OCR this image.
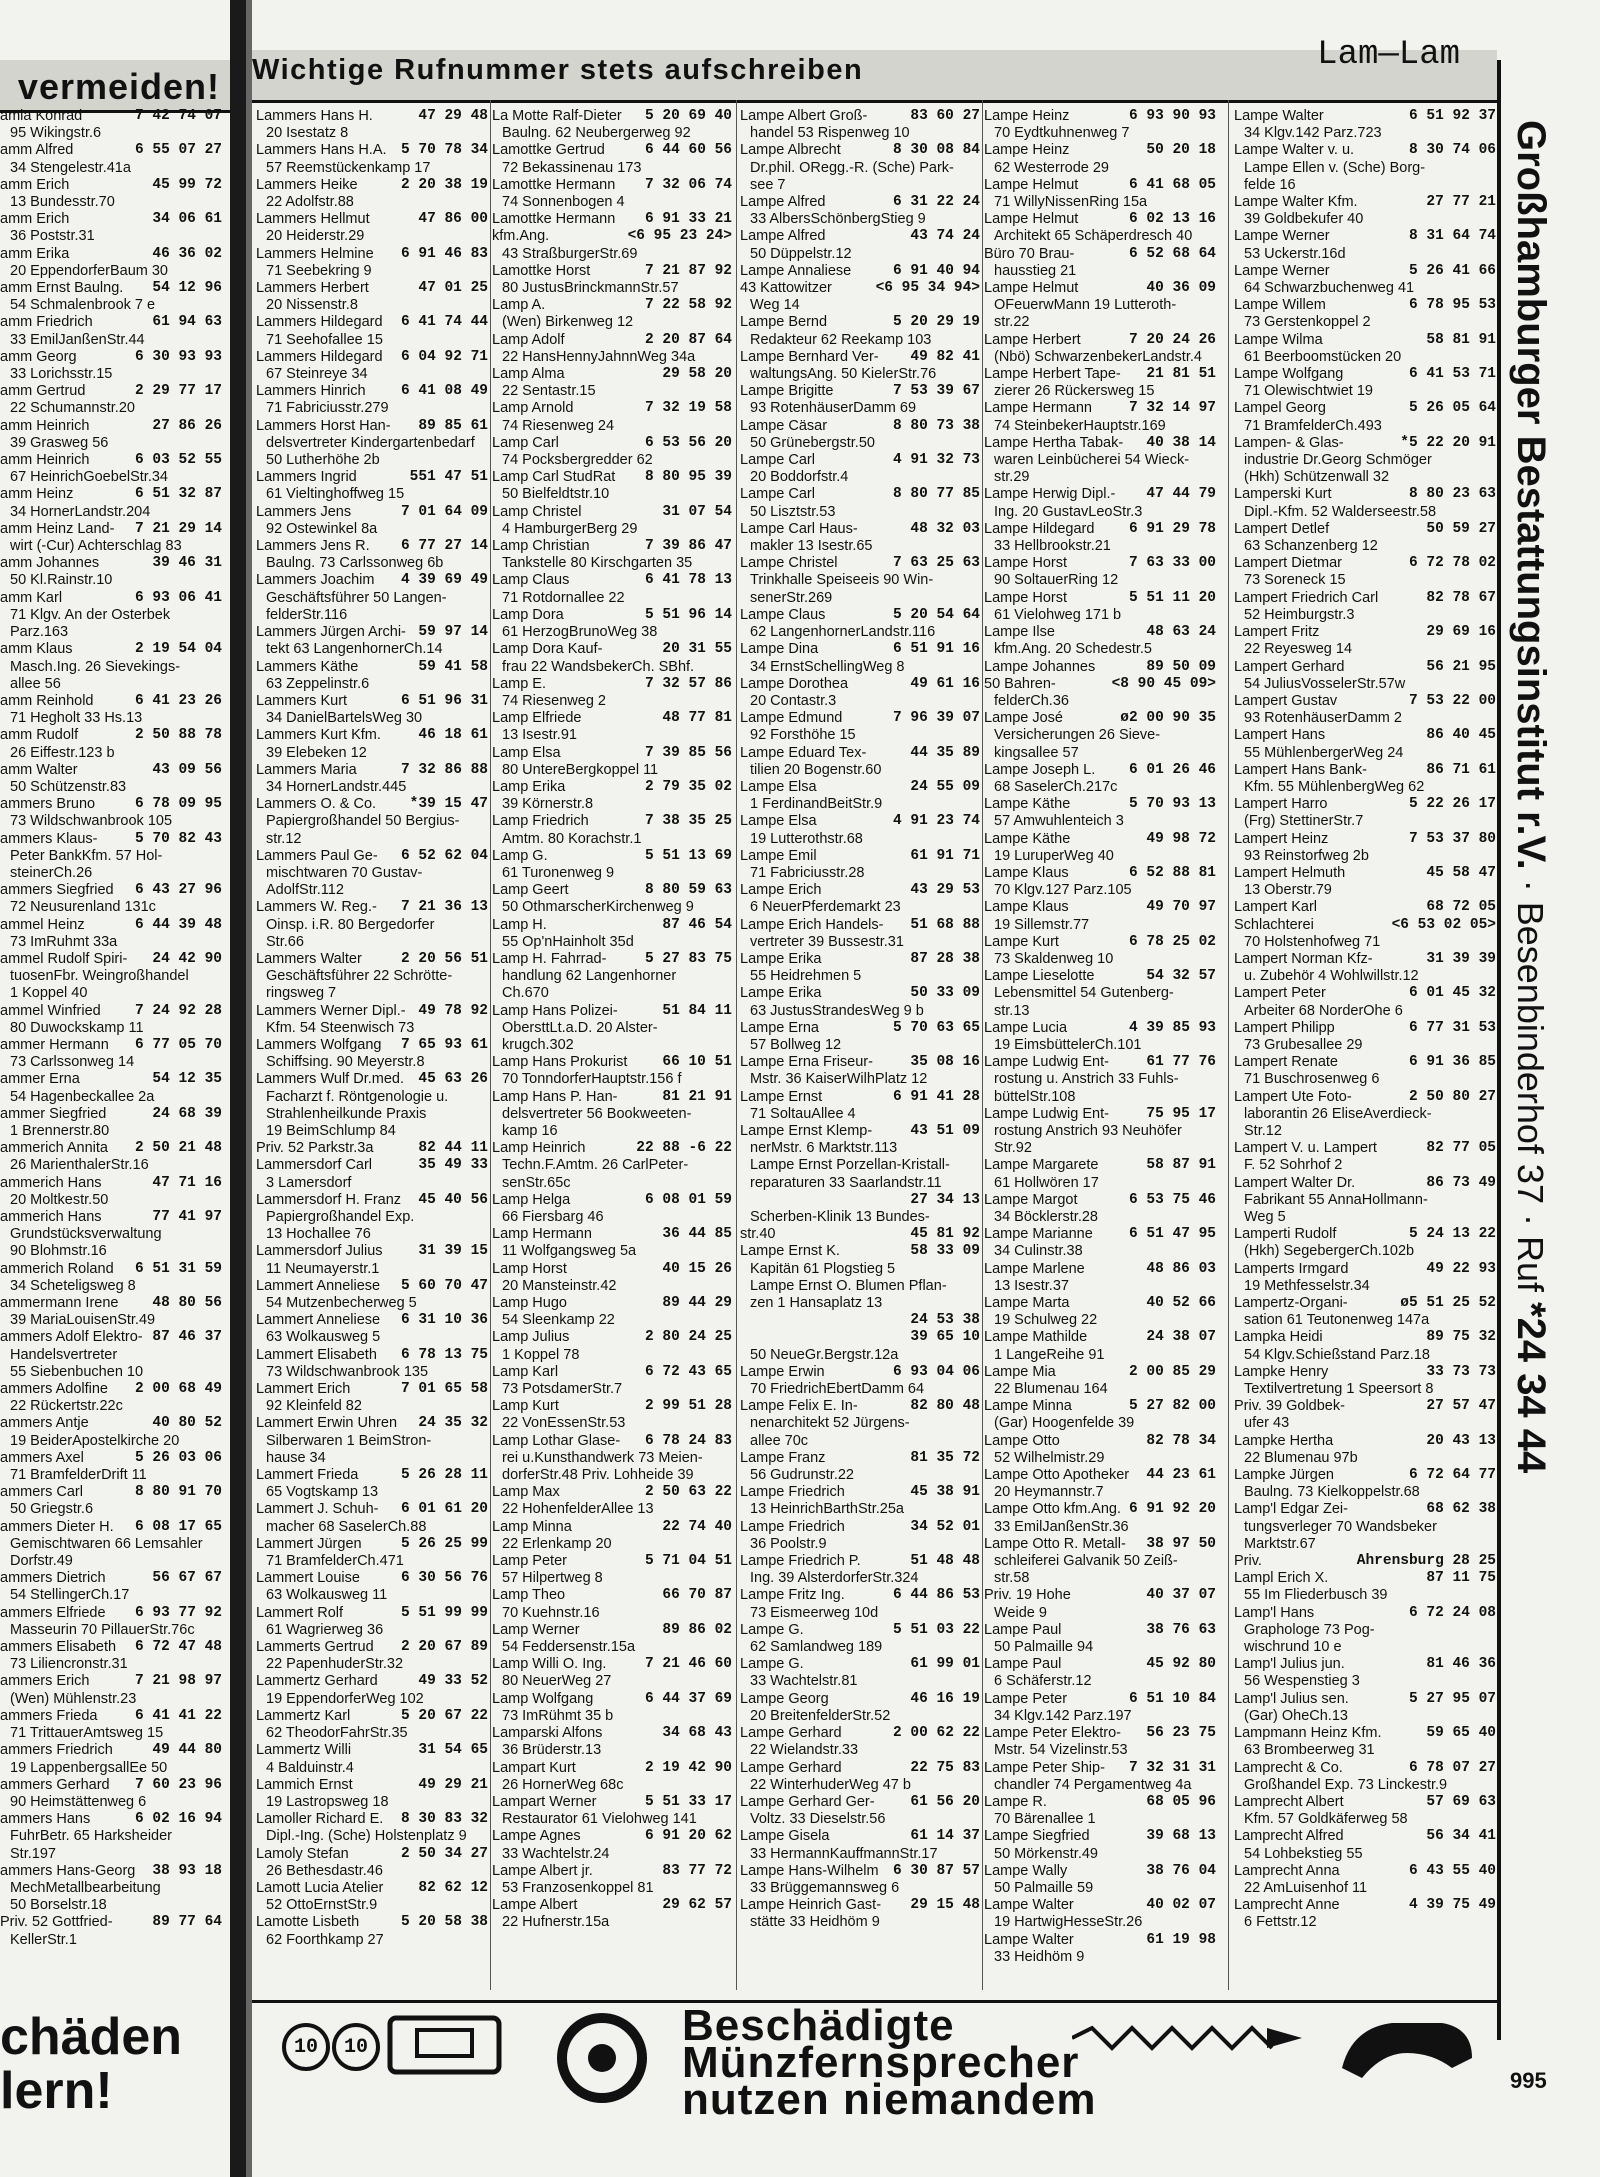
vermeiden! Wichtige Rufnummer stets aufschreiben	Lam—Lam
amia Konrad	7 42 74 07
95 Wikingstr.6
amm Alfred	6 55 07 27
34 Stengelestr.41a
amm Erich	45 99 72
13 Bundesstr.70
amm Erich	34 06 61
36 Poststr.31
amm Erika	46 36 02
20 EppendorferBaum 30
amm Ernst Baulng.	54 12 96
54 Schmalenbrook 7 e
amm Friedrich	61 94 63
33 EmilJanßenStr.44
amm Georg	6 30 93 93
33 Lorichsstr.15
amm Gertrud	2 29 77 17
22 Schumannstr.20
amm Heinrich	27 86 26
39 Grasweg 56
amm Heinrich	6 03 52 55
67 HeinrichGoebelStr.34
amm Heinz	6 51 32 87
34 HornerLandstr.204
amm Heinz Land-	7 21 29 14
wirt (-Cur) Achterschlag 83
amm Johannes	39 46 31
50 Kl.Rainstr.10
amm Karl	6 93 06 41
71 Klgv. An der Osterbek
Parz.163
amm Klaus	2 19 54 04
Masch.Ing. 26 Sievekings-
allee 56
amm Reinhold	6 41 23 26
71 Hegholt 33 Hs.13
amm Rudolf	2 50 88 78
26 Eiffestr.123 b
amm Walter	43 09 56
50 Schützenstr.83
ammers Bruno	6 78 09 95
73 Wildschwanbrook 105
ammers Klaus-	5 70 82 43
Peter BankKfm. 57 Hol-
steinerCh.26
ammers Siegfried	6 43 27 96
72 Neusurenland 131c
ammel Heinz	6 44 39 48
73 ImRuhmt 33a
ammel Rudolf Spiri-	24 42 90
tuosenFbr. Weingroßhandel
1 Koppel 40
ammel Winfried	7 24 92 28
80 Duwockskamp 11
ammer Hermann	6 77 05 70
73 Carlssonweg 14
ammer Erna	54 12 35
54 Hagenbeckallee 2a
ammer Siegfried	24 68 39
1 Brennerstr.80
ammerich Annita	2 50 21 48
26 MarienthalerStr.16
ammerich Hans	47 71 16
20 Moltkestr.50
ammerich Hans	77 41 97
Grundstücksverwaltung
90 Blohmstr.16
ammerich Roland	6 51 31 59
34 Scheteligsweg 8
ammermann Irene	48 80 56
39 MariaLouisenStr.49
ammers Adolf Elektro- 87 46 37
Handelsvertreter
55 Siebenbuchen 10
ammers Adolfine	2 00 68 49
22 Rückertstr.22c
ammers Antje	40 80 52
19 BeiderApostelkirche 20
ammers Axel	5 26 03 06
71 BramfelderDrift 11
ammers Carl	8 80 91 70
50 Griegstr.6
ammers Dieter H.	6 08 17 65
Gemischtwaren 66 Lemsahler
Dorfstr.49
ammers Dietrich	56 67 67
54 StellingerCh.17
ammers Elfriede	6 93 77 92
Masseurin 70 PillauerStr.76c
ammers Elisabeth	6 72 47 48
73 Liliencronstr.31
ammers Erich	7 21 98 97
(Wen) Mühlenstr.23
ammers Frieda	6 41 41 22
71 TrittauerAmtsweg 15
ammers Friedrich	49 44 80
19 LappenbergsallEe 50
ammers Gerhard	7 60 23 96
90 Heimstättenweg 6
ammers Hans	6 02 16 94
FuhrBetr. 65 Harksheider
Str.197
ammers Hans-Georg	38 93 18
MechMetallbearbeitung
50 Borselstr.18
Priv. 52 Gottfried-	89 77 64
KellerStr.1
Lammers Hans H.	47 29 48
20 Isestatz 8
Lammers Hans H.A. 5 70 78 34
57 Reemstückenkamp 17
Lammers Heike	2 20 38 19
22 Adolfstr.88
Lammers Hellmut	47 86 00
20 Heiderstr.29
Lammers Helmine	6 91 46 83
71 Seebekring 9
Lammers Herbert	47 01 25
20 Nissenstr.8
Lammers Hildegard	6 41 74 44
71 Seehofallee 15
Lammers Hildegard	6 04 92 71
67 Steinreye 34
Lammers Hinrich	6 41 08 49
71 Fabriciusstr.279
Lammers Horst Han-	89 85 61
delsvertreter Kindergartenbedarf
50 Lutherhöhe 2b
Lammers Ingrid	551 47 51
61 Vieltinghoffweg 15
Lammers Jens	7 01 64 09
92 Ostewinkel 8a
Lammers Jens R.	6 77 27 14
Baulng. 73 Carlssonweg 6b
Lammers Joachim	4 39 69 49
Geschäftsführer 50 Langen-
felderStr.116
Lammers Jürgen Archi- 59 97 14
tekt 63 LangenhornerCh.14
Lammers Käthe	59 41 58
63 Zeppelinstr.6
Lammers Kurt	6 51 96 31
34 DanielBartelsWeg 30
Lammers Kurt Kfm.	46 18 61
39 Elebeken 12
Lammers Maria	7 32 86 88
34 HornerLandstr.445
Lammers O. & Co.	*39 15 47
Papiergroßhandel 50 Bergius-
str.12
Lammers Paul Ge-	6 52 62 04
mischtwaren 70 Gustav-
AdolfStr.112
Lammers W. Reg.-	7 21 36 13
Oinsp. i.R. 80 Bergedorfer
Str.66
Lammers Walter	2 20 56 51
Geschäftsführer 22 Schrötte-
ringsweg 7
Lammers Werner Dipl.- 49 78 92
Kfm. 54 Steenwisch 73
Lammers Wolfgang	7 65 93 61
Schiffsing. 90 Meyerstr.8
Lammers Wulf Dr.med. 45 63 26
Facharzt f. Röntgenologie u.
Strahlenheilkunde Praxis
19 BeimSchlump 84
Priv. 52 Parkstr.3a	82 44 11
Lammersdorf Carl	35 49 33
3 Lamersdorf
Lammersdorf H. Franz	45 40 56
Papiergroßhandel Exp.
13 Hochallee 76
Lammersdorf Julius	31 39 15
11 Neumayerstr.1
Lammert Anneliese	5 60 70 47
54 Mutzenbecherweg 5
Lammert Anneliese	6 31 10 36
63 Wolkausweg 5
Lammert Elisabeth	6 78 13 75
73 Wildschwanbrook 135
Lammert Erich	7 01 65 58
92 Kleinfeld 82
Lammert Erwin Uhren	24 35 32
Silberwaren 1 BeimStron-
hause 34
Lammert Frieda	5 26 28 11
65 Vogtskamp 13
Lammert J. Schuh-	6 01 61 20
macher 68 SaselerCh.88
Lammert Jürgen	5 26 25 99
71 BramfelderCh.471
Lammert Louise	6 30 56 76
63 Wolkausweg 11
Lammert Rolf	5 51 99 99
61 Wagrierweg 36
Lammerts Gertrud	2 20 67 89
22 PapenhuderStr.32
Lammertz Gerhard	49 33 52
19 EppendorferWeg 102
Lammertz Karl	5 20 67 22
62 TheodorFahrStr.35
Lammertz Willi	31 54 65
4 Balduinstr.4
Lammich Ernst	49 29 21
19 Lastropsweg 18
Lamoller Richard E.	8 30 83 32
Dipl.-Ing. (Sche) Holstenplatz 9
Lamoly Stefan	2 50 34 27
26 Bethesdastr.46
Lamott Lucia Atelier	82 62 12
52 OttoErnstStr.9
Lamotte Lisbeth	5 20 58 38
62 Foorthkamp 27
La Motte Ralf-Dieter	5 20 69 40
Baulng. 62 Neubergerweg 92
Lamottke Gertrud	6 44 60 56
72 Bekassinenau 173
Lamottke Hermann	7 32 06 74
74 Sonnenbogen 4
Lamottke Hermann	6 91 33 21
kfm.Ang.	<6 95 23 24>
43 StraßburgerStr.69
Lamottke Horst	7 21 87 92
80 JustusBrinckmannStr.57
Lamp A.	7 22 58 92
(Wen) Birkenweg 12
Lamp Adolf	2 20 87 64
22 HansHennyJahnnWeg 34a
Lamp Alma	29 58 20
22 Sentastr.15
Lamp Arnold	7 32 19 58
74 Riesenweg 24
Lamp Carl	6 53 56 20
74 Pocksbergredder 62
Lamp Carl StudRat	8 80 95 39
50 Bielfeldtstr.10
Lamp Christel	31 07 54
4 HamburgerBerg 29
Lamp Christian	7 39 86 47
Tankstelle 80 Kirschgarten 35
Lamp Claus	6 41 78 13
71 Rotdornallee 22
Lamp Dora	5 51 96 14
61 HerzogBrunoWeg 38
Lamp Dora Kauf-	20 31 55
frau 22 WandsbekerCh. SBhf.
Lamp E.	7 32 57 86
74 Riesenweg 2
Lamp Elfriede	48 77 81
13 Isestr.91
Lamp Elsa	7 39 85 56
80 UntereBergkoppel 11
Lamp Erika	2 79 35 02
39 Körnerstr.8
Lamp Friedrich	7 38 35 25
Amtm. 80 Korachstr.1
Lamp G.	5 51 13 69
61 Turonenweg 9
Lamp Geert	8 80 59 63
50 OthmarscherKirchenweg 9
Lamp H.	87 46 54
55 Op'nHainholt 35d
Lamp H. Fahrrad-	5 27 83 75
handlung 62 Langenhorner
Ch.670
Lamp Hans Polizei-	51 84 11
ObersttLt.a.D. 20 Alster-
krugch.302
Lamp Hans Prokurist	66 10 51
70 TonndorferHauptstr.156 f
Lamp Hans P. Han-	81 21 91
delsvertreter 56 Bookweeten-
kamp 16
Lamp Heinrich	22 88 -6 22
Techn.F.Amtm. 26 CarlPeter-
senStr.65c
Lamp Helga	6 08 01 59
66 Fiersbarg 46
Lamp Hermann	36 44 85
11 Wolfgangsweg 5a
Lamp Horst	40 15 26
20 Mansteinstr.42
Lamp Hugo	89 44 29
54 Sleenkamp 22
Lamp Julius	2 80 24 25
1 Koppel 78
Lamp Karl	6 72 43 65
73 PotsdamerStr.7
Lamp Kurt	2 99 51 28
22 VonEssenStr.53
Lamp Lothar Glase-	6 78 24 83
rei u.Kunsthandwerk 73 Meien-
dorferStr.48 Priv. Lohheide 39
Lamp Max	2 50 63 22
22 HohenfelderAllee 13
Lamp Minna	22 74 40
22 Erlenkamp 20
Lamp Peter	5 71 04 51
57 Hilpertweg 8
Lamp Theo	66 70 87
70 Kuehnstr.16
Lamp Werner	89 86 02
54 Feddersenstr.15a
Lamp Willi O. Ing.	7 21 46 60
80 NeuerWeg 27
Lamp Wolfgang	6 44 37 69
73 ImRühmt 35 b
Lamparski Alfons	34 68 43
36 Brüderstr.13
Lampart Kurt	2 19 42 90
26 HornerWeg 68c
Lampart Werner	5 51 33 17
Restaurator 61 Vielohweg 141
Lampe Agnes	6 91 20 62
33 Wachtelstr.24
Lampe Albert jr.	83 77 72
53 Franzosenkoppel 81
Lampe Albert	29 62 57
22 Hufnerstr.15a
Lampe Albert Groß-	83 60 27
handel 53 Rispenweg 10
Lampe Albrecht	8 30 08 84
Dr.phil. ORegg.-R. (Sche) Park-
see 7
Lampe Alfred	6 31 22 24
33 AlbersSchönbergStieg 9
Lampe Alfred	43 74 24
50 Düppelstr.12
Lampe Annaliese	6 91 40 94
43 Kattowitzer	<6 95 34 94>
Weg 14
Lampe Bernd	5 20 29 19
Redakteur 62 Reekamp 103
Lampe Bernhard Ver-	49 82 41
waltungsAng. 50 KielerStr.76
Lampe Brigitte	7 53 39 67
93 RotenhäuserDamm 69
Lampe Cäsar	8 80 73 38
50 Grünebergstr.50
Lampe Carl	4 91 32 73
20 Boddorfstr.4
Lampe Carl	8 80 77 85
50 Lisztstr.53
Lampe Carl Haus-	48 32 03
makler 13 Isestr.65
Lampe Christel	7 63 25 63
Trinkhalle Speiseeis 90 Win-
senerStr.269
Lampe Claus	5 20 54 64
62 LangenhornerLandstr.116
Lampe Dina	6 51 91 16
34 ErnstSchellingWeg 8
Lampe Dorothea	49 61 16
20 Contastr.3
Lampe Edmund	7 96 39 07
92 Forsthöhe 15
Lampe Eduard Tex-	44 35 89
tilien 20 Bogenstr.60
Lampe Elsa	24 55 09
1 FerdinandBeitStr.9
Lampe Elsa	4 91 23 74
19 Lutterothstr.68
Lampe Emil	61 91 71
71 Fabriciusstr.28
Lampe Erich	43 29 53
6 NeuerPferdemarkt 23
Lampe Erich Handels-	51 68 88
vertreter 39 Bussestr.31
Lampe Erika	87 28 38
55 Heidrehmen 5
Lampe Erika	50 33 09
63 JustusStrandesWeg 9 b
Lampe Erna	5 70 63 65
57 Bollweg 12
Lampe Erna Friseur-	35 08 16
Mstr. 36 KaiserWilhPlatz 12
Lampe Ernst	6 91 41 28
71 SoltauAllee 4
Lampe Ernst Klemp-	43 51 09
nerMstr. 6 Marktstr.113
Lampe Ernst Porzellan-Kristall-
reparaturen 33 Saarlandstr.11
27 34 13
Scherben-Klinik 13 Bundes-
str.40	45 81 92
Lampe Ernst K.	58 33 09
Kapitän 61 Plogstieg 5
Lampe Ernst O. Blumen Pflan-
zen 1 Hansaplatz 13
24 53 38
39 65 10
50 NeueGr.Bergstr.12a
Lampe Erwin	6 93 04 06
70 FriedrichEbertDamm 64
Lampe Felix E. In-	82 80 48
nenarchitekt 52 Jürgens-
allee 70c
Lampe Franz	81 35 72
56 Gudrunstr.22
Lampe Friedrich	45 38 91
13 HeinrichBarthStr.25a
Lampe Friedrich	34 52 01
36 Poolstr.9
Lampe Friedrich P.	51 48 48
Ing. 39 AlsterdorferStr.324
Lampe Fritz Ing.	6 44 86 53
73 Eismeerweg 10d
Lampe G.	5 51 03 22
62 Samlandweg 189
Lampe G.	61 99 01
33 Wachtelstr.81
Lampe Georg	46 16 19
20 BreitenfelderStr.52
Lampe Gerhard	2 00 62 22
22 Wielandstr.33
Lampe Gerhard	22 75 83
22 WinterhuderWeg 47 b
Lampe Gerhard Ger-	61 56 20
Voltz. 33 Dieselstr.56
Lampe Gisela	61 14 37
33 HermannKauffmannStr.17
Lampe Hans-Wilhelm 6 30 87 57
33 Brüggemannsweg 6
Lampe Heinrich Gast-	29 15 48
stätte 33 Heidhöm 9
Lampe Heinz	6 93 90 93
70 Eydtkuhnenweg 7
Lampe Heinz	50 20 18
62 Westerrode 29
Lampe Helmut	6 41 68 05
71 WillyNissenRing 15a
Lampe Helmut	6 02 13 16
Architekt 65 Schäperdresch 40
Büro 70 Brau-	6 52 68 64
hausstieg 21
Lampe Helmut	40 36 09
OFeuerwMann 19 Lutteroth-
str.22
Lampe Herbert	7 20 24 26
(Nbö) SchwarzenbekerLandstr.4
Lampe Herbert Tape-	21 81 51
zierer 26 Rückersweg 15
Lampe Hermann	7 32 14 97
74 SteinbekerHauptstr.169
Lampe Hertha Tabak-	40 38 14
waren Leinbücherei 54 Wieck-
str.29
Lampe Herwig Dipl.-	47 44 79
Ing. 20 GustavLeoStr.3
Lampe Hildegard	6 91 29 78
33 Hellbrookstr.21
Lampe Horst	7 63 33 00
90 SoltauerRing 12
Lampe Horst	5 51 11 20
61 Vielohweg 171 b
Lampe Ilse	48 63 24
kfm.Ang. 20 Schedestr.5
Lampe Johannes	89 50 09
50 Bahren-	<8 90 45 09>
felderCh.36
Lampe José	ø2 00 90 35
Versicherungen 26 Sieve-
kingsallee 57
Lampe Joseph L.	6 01 26 46
68 SaselerCh.217c
Lampe Käthe	5 70 93 13
57 Amwuhlenteich 3
Lampe Käthe	49 98 72
19 LuruperWeg 40
Lampe Klaus	6 52 88 81
70 Klgv.127 Parz.105
Lampe Klaus	49 70 97
19 Sillemstr.77
Lampe Kurt	6 78 25 02
73 Skaldenweg 10
Lampe Lieselotte	54 32 57
Lebensmittel 54 Gutenberg-
str.13
Lampe Lucia	4 39 85 93
19 EimsbüttelerCh.101
Lampe Ludwig Ent-	61 77 76
rostung u. Anstrich 33 Fuhls-
büttelStr.108
Lampe Ludwig Ent-	75 95 17
rostung Anstrich 93 Neuhöfer
Str.92
Lampe Margarete	58 87 91
61 Hollwören 17
Lampe Margot	6 53 75 46
34 Böcklerstr.28
Lampe Marianne	6 51 47 95
34 Culinstr.38
Lampe Marlene	48 86 03
13 Isestr.37
Lampe Marta	40 52 66
19 Schulweg 22
Lampe Mathilde	24 38 07
1 LangeReihe 91
Lampe Mia	2 00 85 29
22 Blumenau 164
Lampe Minna	5 27 82 00
(Gar) Hoogenfelde 39
Lampe Otto	82 78 34
52 Wilhelmistr.29
Lampe Otto Apotheker	44 23 61
20 Heymannstr.7
Lampe Otto kfm.Ang. 6 91 92 20
33 EmilJanßenStr.36
Lampe Otto R. Metall-	38 97 50
schleiferei Galvanik 50 Zeiß-
str.58
Priv. 19 Hohe	40 37 07
Weide 9
Lampe Paul	38 76 63
50 Palmaille 94
Lampe Paul	45 92 80
6 Schäferstr.12
Lampe Peter	6 51 10 84
34 Klgv.142 Parz.197
Lampe Peter Elektro-	56 23 75
Mstr. 54 Vizelinstr.53
Lampe Peter Ship-	7 32 31 31
chandler 74 Pergamentweg 4a
Lampe R.	68 05 96
70 Bärenallee 1
Lampe Siegfried	39 68 13
50 Mörkenstr.49
Lampe Wally	38 76 04
50 Palmaille 59
Lampe Walter	40 02 07
19 HartwigHesseStr.26
Lampe Walter	61 19 98
33 Heidhöm 9
Lampe Walter	6 51 92 37
34 Klgv.142 Parz.723
Lampe Walter v. u.	8 30 74 06
Lampe Ellen v. (Sche) Borg-
felde 16
Lampe Walter Kfm.	27 77 21
39 Goldbekufer 40
Lampe Werner	8 31 64 74
53 Uckerstr.16d
Lampe Werner	5 26 41 66
64 Schwarzbuchenweg 41
Lampe Willem	6 78 95 53
73 Gerstenkoppel 2
Lampe Wilma	58 81 91
61 Beerboomstücken 20
Lampe Wolfgang	6 41 53 71
71 Olewischtwiet 19
Lampel Georg	5 26 05 64
71 BramfelderCh.493
Lampen- & Glas-	*5 22 20 91
industrie Dr.Georg Schmöger
(Hkh) Schützenwall 32
Lamperski Kurt	8 80 23 63
Dipl.-Kfm. 52 Walderseestr.58
Lampert Detlef	50 59 27
63 Schanzenberg 12
Lampert Dietmar	6 72 78 02
73 Soreneck 15
Lampert Friedrich Carl	82 78 67
52 Heimburgstr.3
Lampert Fritz	29 69 16
22 Reyesweg 14
Lampert Gerhard	56 21 95
54 JuliusVosselerStr.57w
Lampert Gustav	7 53 22 00
93 RotenhäuserDamm 2
Lampert Hans	86 40 45
55 MühlenbergerWeg 24
Lampert Hans Bank-	86 71 61
Kfm. 55 MühlenbergWeg 62
Lampert Harro	5 22 26 17
(Frg) StettinerStr.7
Lampert Heinz	7 53 37 80
93 Reinstorfweg 2b
Lampert Helmuth	45 58 47
13 Oberstr.79
Lampert Karl	68 72 05
Schlachterei	<6 53 02 05>
70 Holstenhofweg 71
Lampert Norman Kfz-	31 39 39
u. Zubehör 4 Wohlwillstr.12
Lampert Peter	6 01 45 32
Arbeiter 68 NorderOhe 6
Lampert Philipp	6 77 31 53
73 Grubesallee 29
Lampert Renate	6 91 36 85
71 Buschrosenweg 6
Lampert Ute Foto-	2 50 80 27
laborantin 26 EliseAverdieck-
Str.12
Lampert V. u. Lampert	82 77 05
F. 52 Sohrhof 2
Lampert Walter Dr.	86 73 49
Fabrikant 55 AnnaHollmann-
Weg 5
Lamperti Rudolf	5 24 13 22
(Hkh) SegebergerCh.102b
Lamperts Irmgard	49 22 93
19 Methfesselstr.34
Lampertz-Organi-	ø5 51 25 52
sation 61 Teutonenweg 147a
Lampka Heidi	89 75 32
54 Klgv.Schießstand Parz.18
Lampke Henry	33 73 73
Textilvertretung 1 Speersort 8
Priv. 39 Goldbek-	27 57 47
ufer 43
Lampke Hertha	20 43 13
22 Blumenau 97b
Lampke Jürgen	6 72 64 77
Baulng. 73 Kielkoppelstr.68
Lamp'l Edgar Zei-	68 62 38
tungsverleger 70 Wandsbeker
Marktstr.67
Priv.	Ahrensburg 28 25
Lampl Erich X.	87 11 75
55 Im Fliederbusch 39
Lamp'l Hans	6 72 24 08
Graphologe 73 Pog-
wischrund 10 e
Lamp'l Julius jun.	81 46 36
56 Wespenstieg 3
Lamp'l Julius sen.	5 27 95 07
(Gar) OheCh.13
Lampmann Heinz Kfm.	59 65 40
63 Brombeerweg 31
Lamprecht & Co.	6 78 07 27
Großhandel Exp. 73 Linckestr.9
Lamprecht Albert	57 69 63
Kfm. 57 Goldkäferweg 58
Lamprecht Alfred	56 34 41
54 Lohbekstieg 55
Lamprecht Anna	6 43 55 40
22 AmLuisenhof 11
Lamprecht Anne	4 39 75 49
6 Fettstr.12
Großhamburger Bestattungsinstitut r.V. · Besenbinderhof 37 · Ruf *24 34 44
chäden
lern!
10	10	Beschädigte
Münzfernsprecher
nutzen niemandem	995
